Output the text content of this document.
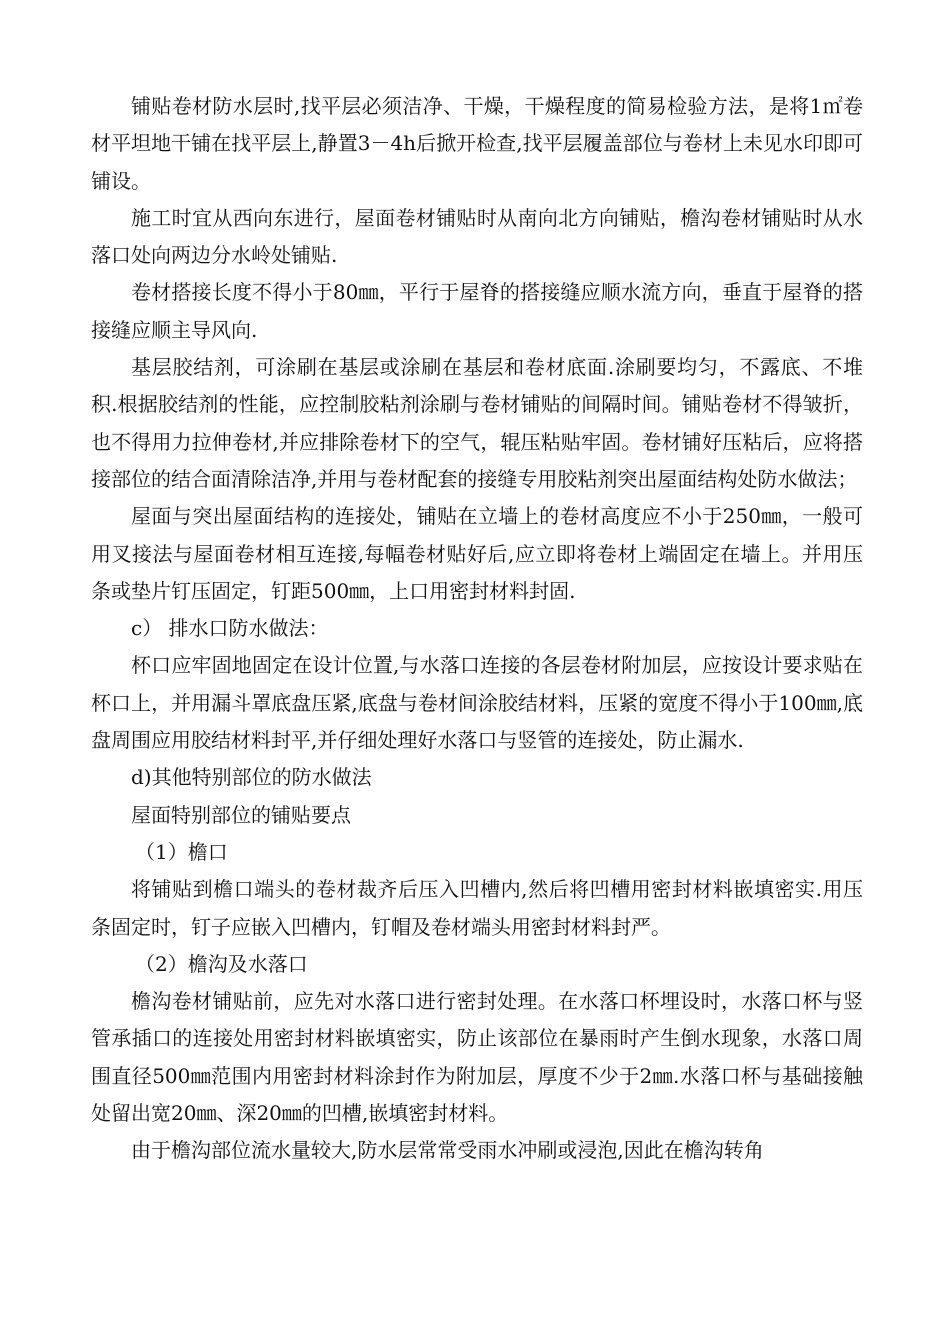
铺贴卷材防水层时,找平层必须洁净、干燥，干燥程度的简易检验方法，是将1㎡卷材平坦地干铺在找平层上,静置3－4h后掀开检查,找平层履盖部位与卷材上未见水印即可铺设。

施工时宜从西向东进行，屋面卷材铺贴时从南向北方向铺贴，檐沟卷材铺贴时从水落口处向两边分水岭处铺贴.

卷材搭接长度不得小于80㎜，平行于屋脊的搭接缝应顺水流方向，垂直于屋脊的搭接缝应顺主导风向.

基层胶结剂，可涂刷在基层或涂刷在基层和卷材底面.涂刷要均匀，不露底、不堆积.根据胶结剂的性能，应控制胶粘剂涂刷与卷材铺贴的间隔时间。铺贴卷材不得皱折，也不得用力拉伸卷材,并应排除卷材下的空气，辊压粘贴牢固。卷材铺好压粘后，应将搭接部位的结合面清除洁净,并用与卷材配套的接缝专用胶粘剂突出屋面结构处防水做法；

屋面与突出屋面结构的连接处，铺贴在立墙上的卷材高度应不小于250㎜，一般可用叉接法与屋面卷材相互连接,每幅卷材贴好后,应立即将卷材上端固定在墙上。并用压条或垫片钉压固定，钉距500㎜，上口用密封材料封固.

c） 排水口防水做法：

杯口应牢固地固定在设计位置,与水落口连接的各层卷材附加层，应按设计要求贴在杯口上，并用漏斗罩底盘压紧,底盘与卷材间涂胶结材料，压紧的宽度不得小于100㎜,底盘周围应用胶结材料封平,并仔细处理好水落口与竖管的连接处，防止漏水.

d)其他特别部位的防水做法

屋面特别部位的铺贴要点

（1）檐口

将铺贴到檐口端头的卷材裁齐后压入凹槽内,然后将凹槽用密封材料嵌填密实.用压条固定时，钉子应嵌入凹槽内，钉帽及卷材端头用密封材料封严。

（2）檐沟及水落口

檐沟卷材铺贴前，应先对水落口进行密封处理。在水落口杯埋设时，水落口杯与竖管承插口的连接处用密封材料嵌填密实，防止该部位在暴雨时产生倒水现象，水落口周围直径500㎜范围内用密封材料涂封作为附加层，厚度不少于2㎜.水落口杯与基础接触处留出宽20㎜、深20㎜的凹槽,嵌填密封材料。

由于檐沟部位流水量较大,防水层常常受雨水冲刷或浸泡,因此在檐沟转角
